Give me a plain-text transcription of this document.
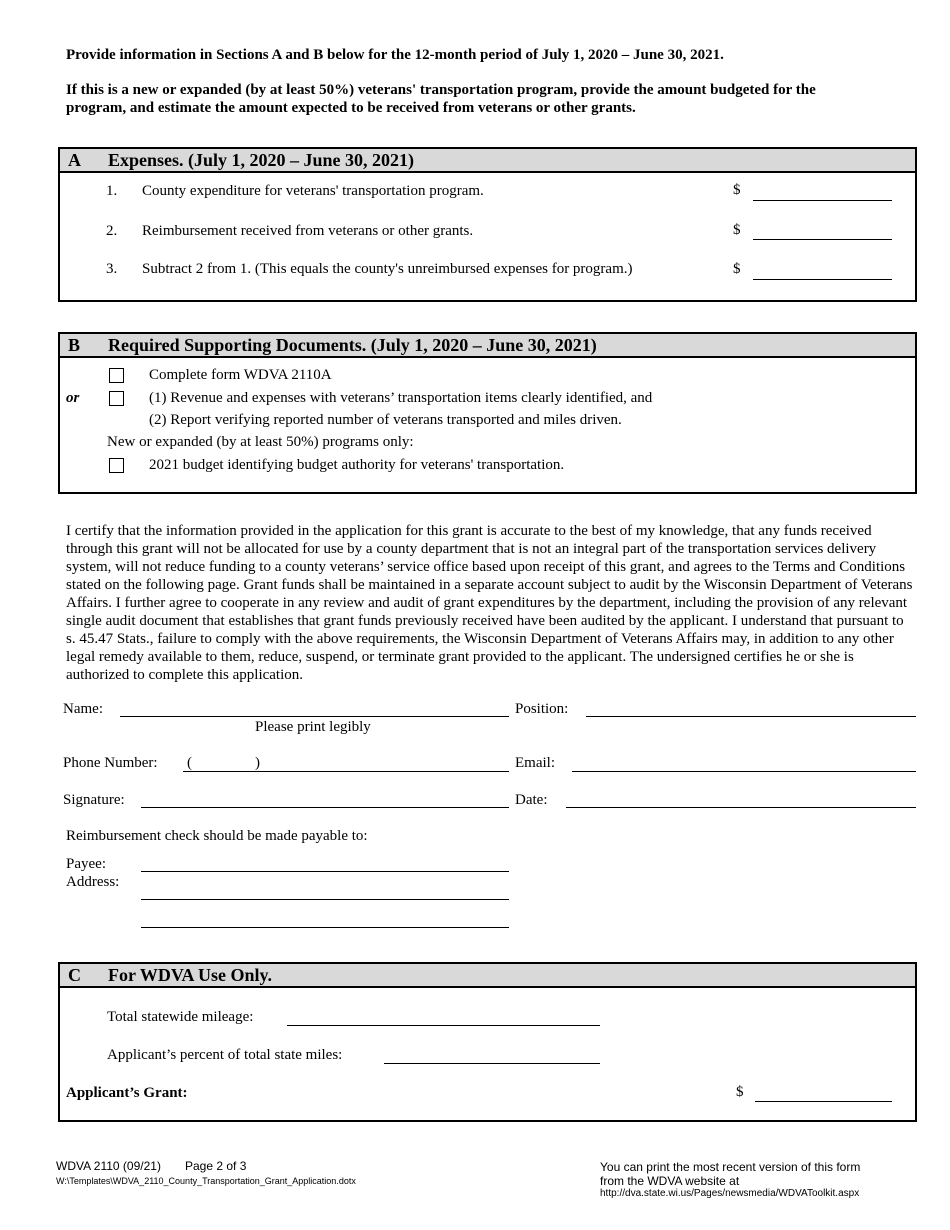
Provide information in Sections A and B below for the 12-month period of July 1, 2020 – June 30, 2021.
If this is a new or expanded (by at least 50%) veterans' transportation program, provide the amount budgeted for the
program, and estimate the amount expected to be received from veterans or other grants.
A Expenses. (July 1, 2020 – June 30, 2021)
1. County expenditure for veterans' transportation program.	$
2. Reimbursement received from veterans or other grants.	$
3. Subtract 2 from 1. (This equals the county's unreimbursed expenses for program.)	$
B Required Supporting Documents. (July 1, 2020 – June 30, 2021)
Complete form WDVA 2110A
or	(1) Revenue and expenses with veterans’ transportation items clearly identified, and
(2) Report verifying reported number of veterans transported and miles driven.
New or expanded (by at least 50%) programs only:
2021 budget identifying budget authority for veterans' transportation.
I certify that the information provided in the application for this grant is accurate to the best of my knowledge, that any funds received through this grant will not be allocated for use by a county department that is not an integral part of the transportation services delivery system, will not reduce funding to a county veterans’ service office based upon receipt of this grant, and agrees to the Terms and Conditions stated on the following page. Grant funds shall be maintained in a separate account subject to audit by the Wisconsin Department of Veterans Affairs. I further agree to cooperate in any review and audit of grant expenditures by the department, including the provision of any relevant single audit document that establishes that grant funds previously received have been audited by the applicant. I understand that pursuant to s. 45.47 Stats., failure to comply with the above requirements, the Wisconsin Department of Veterans Affairs may, in addition to any other legal remedy available to them, reduce, suspend, or terminate grant provided to the applicant. The undersigned certifies he or she is authorized to complete this application.
Name:
Please print legibly
Position:
Phone Number: (	)	Email:
Signature:	Date:
Reimbursement check should be made payable to:
Payee:
Address:
C For WDVA Use Only.
Total statewide mileage:
Applicant’s percent of total state miles:
Applicant’s Grant:	$
WDVA 2110 (09/21) Page 2 of 3
W:\Templates\WDVA_2110_County_Transportation_Grant_Application.dotx
You can print the most recent version of this form
from the WDVA website at
http://dva.state.wi.us/Pages/newsmedia/WDVAToolkit.aspx
